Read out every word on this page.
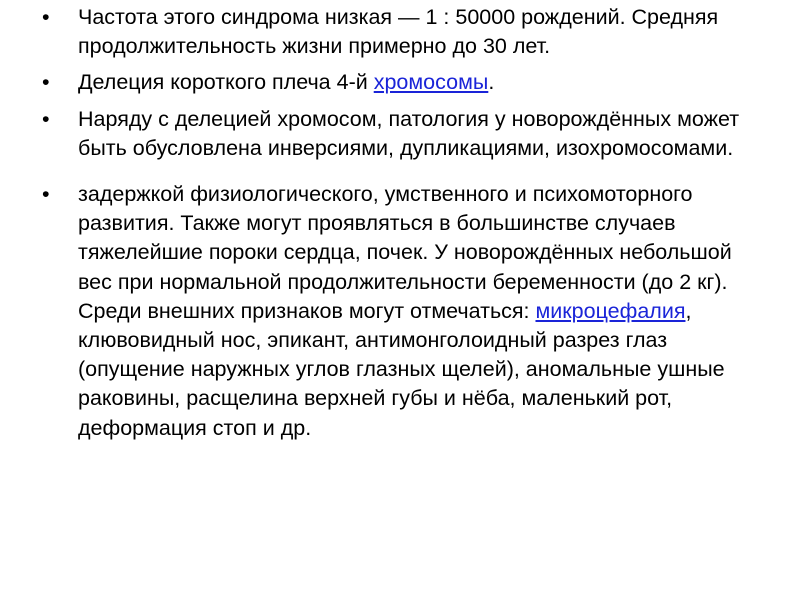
•	Частота этого синдрома низкая — 1 : 50000 рождений. Средняя продолжительность жизни примерно до 30 лет.
•	Делеция короткого плеча 4-й хромосомы.
•	Наряду с делецией хромосом, патология у новорождённых может быть обусловлена инверсиями, дупликациями, изохромосомами.
•	задержкой физиологического, умственного и психомоторного развития. Также могут проявляться в большинстве случаев тяжелейшие пороки сердца, почек. У новорождённых небольшой вес при нормальной продолжительности беременности (до 2 кг). Среди внешних признаков могут отмечаться: микроцефалия, клювовидный нос, эпикант, антимонголоидный разрез глаз (опущение наружных углов глазных щелей), аномальные ушные раковины, расщелина верхней губы и нёба, маленький рот, деформация стоп и др.
